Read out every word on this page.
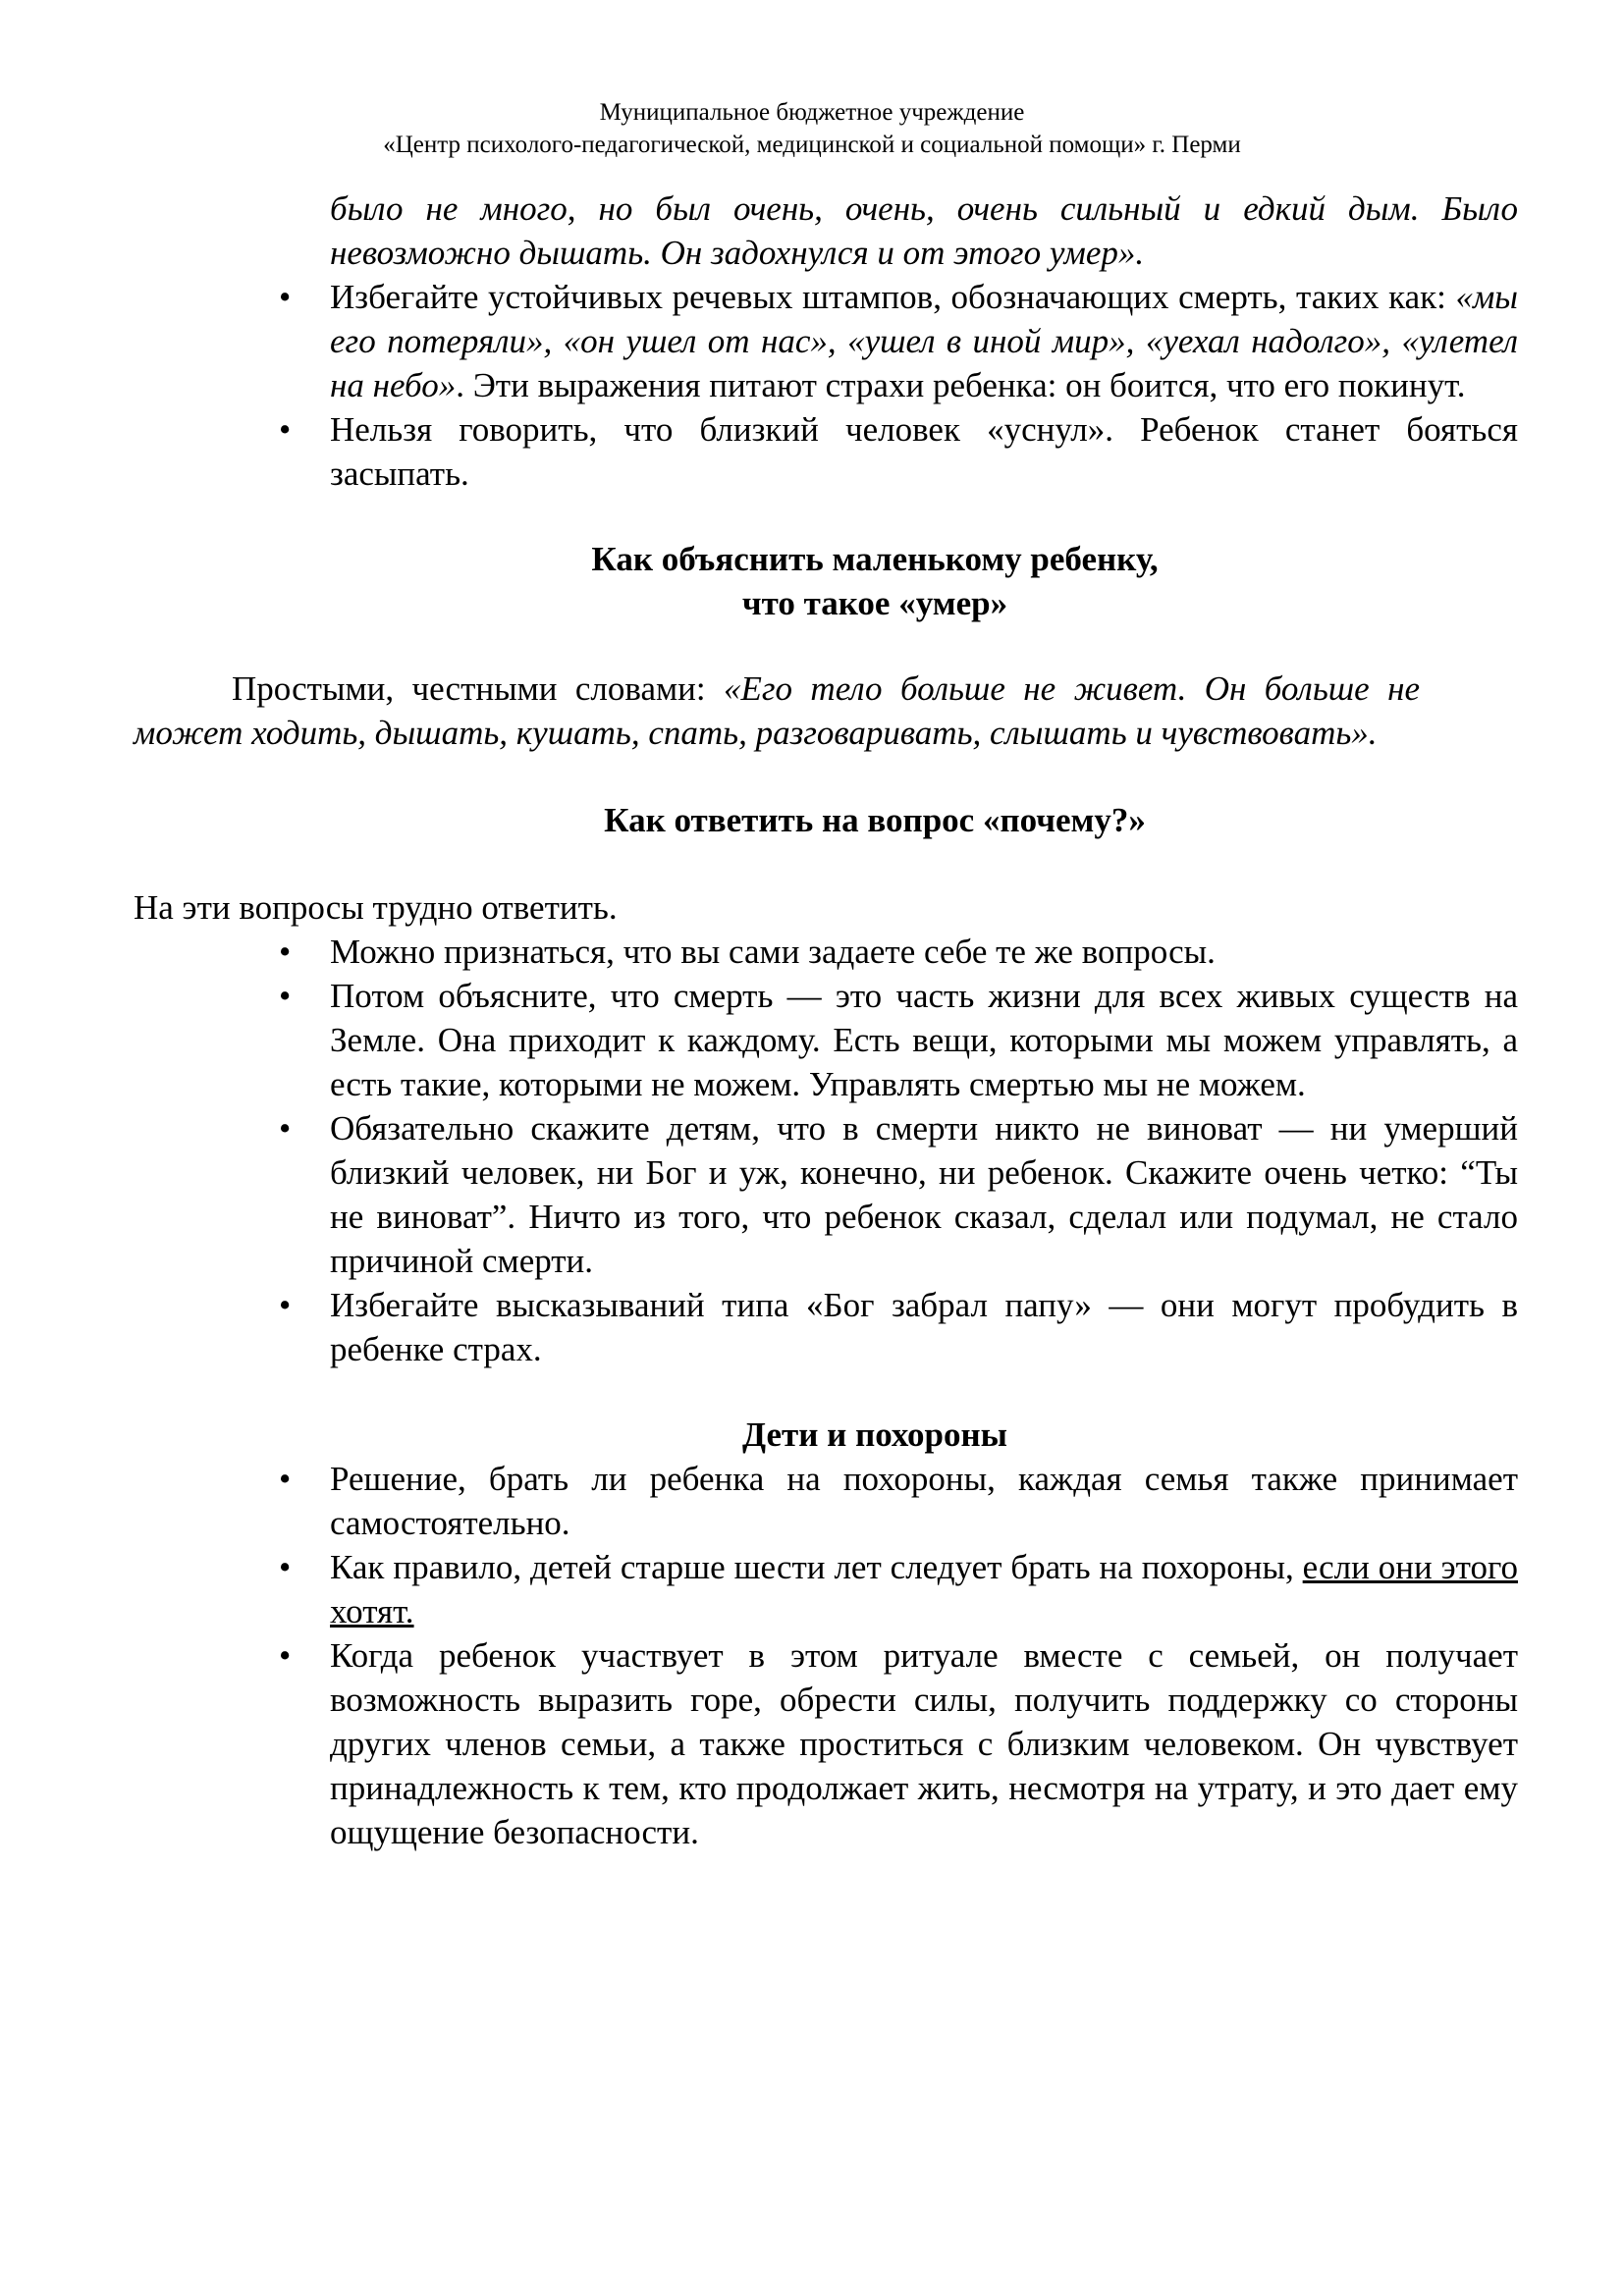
Муниципальное бюджетное учреждение
«Центр психолого-педагогической, медицинской и социальной помощи» г. Перми

было не много, но был очень, очень, очень сильный и едкий дым. Было невозможно дышать. Он задохнулся и от этого умер».

• Избегайте устойчивых речевых штампов, обозначающих смерть, таких как: «мы его потеряли», «он ушел от нас», «ушел в иной мир», «уехал надолго», «улетел на небо». Эти выражения питают страхи ребенка: он боится, что его покинут.
• Нельзя говорить, что близкий человек «уснул». Ребенок станет бояться засыпать.
Как объяснить маленькому ребенку,
что такое «умер»

Простыми, честными словами: «Его тело больше не живет. Он больше не может ходить, дышать, кушать, спать, разговаривать, слышать и чувствовать».

Как ответить на вопрос «почему?»

На эти вопросы трудно ответить.

• Можно признаться, что вы сами задаете себе те же вопросы.
• Потом объясните, что смерть — это часть жизни для всех живых существ на Земле. Она приходит к каждому. Есть вещи, которыми мы можем управлять, а есть такие, которыми не можем. Управлять смертью мы не можем.
• Обязательно скажите детям, что в смерти никто не виноват — ни умерший близкий человек, ни Бог и уж, конечно, ни ребенок. Скажите очень четко: “Ты не виноват”. Ничто из того, что ребенок сказал, сделал или подумал, не стало причиной смерти.
• Избегайте высказываний типа «Бог забрал папу» — они могут пробудить в ребенке страх.
Дети и похороны
• Решение, брать ли ребенка на похороны, каждая семья также принимает самостоятельно.
• Как правило, детей старше шести лет следует брать на похороны, если они этого хотят.
• Когда ребенок участвует в этом ритуале вместе с семьей, он получает возможность выразить горе, обрести силы, получить поддержку со стороны других членов семьи, а также проститься с близким человеком. Он чувствует принадлежность к тем, кто продолжает жить, несмотря на утрату, и это дает ему ощущение безопасности.
